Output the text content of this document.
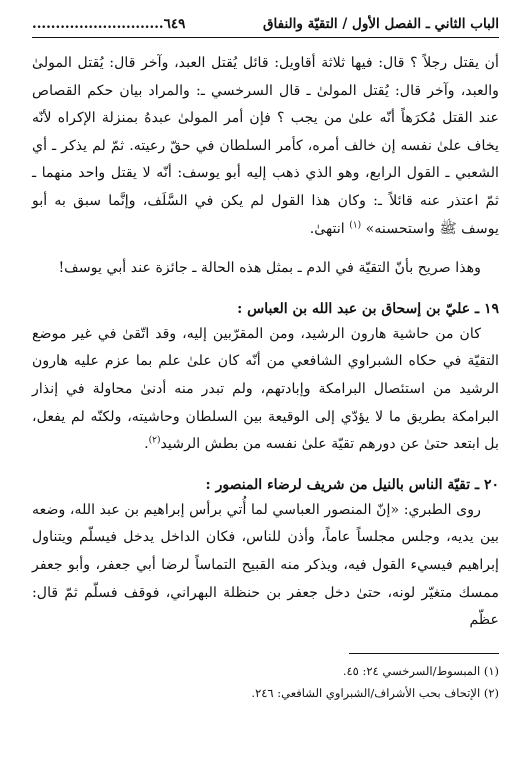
الباب الثاني ـ الفصل الأول / التقيّة والنفاق
............................٦٤٩

أن يقتل رجلاً ؟ قال: فيها ثلاثة أقاويل: قائل يُقتل العبد، وآخر قال: يُقتل المولىٰ والعبد، وآخر قال: يُقتل المولىٰ ـ قال السرخسي ـ: والمراد بيان حكم القصاص عند القتل مُكرَهاً أنّه علىٰ من يجب ؟ فإن أمر المولىٰ عبدهُ بمنزلة الإكراه لأنّه يخاف علىٰ نفسه إن خالف أمره، كأمر السلطان في حقّ رعيته. ثمّ لم يذكر ـ أي الشعبي ـ القول الرابع، وهو الذي ذهب إليه أبو يوسف: أنّه لا يقتل واحد منهما ـ ثمّ اعتذر عنه قائلاً ـ: وكان هذا القول لم يكن في السَّلَف، وإنَّما سبق به أبو يوسف ﷺ واستحسنه» $^{(١)}$ انتهىٰ.

وهذا صريح بأنّ التقيّة في الدم ـ بمثل هذه الحالة ـ جائزة عند أبي يوسف!

١٩ ـ عليّ بن إسحاق بن عبد الله بن العباس :

كان من حاشية هارون الرشيد، ومن المقرّبين إليه، وقد اتّقىٰ في غير موضع التقيّة في حكاه الشبراوي الشافعي من أنّه كان علىٰ علم بما عزم عليه هارون الرشيد من استئصال البرامكة وإبادتهم، ولم تبدر منه أدنىٰ محاولة في إنذار البرامكة بطريق ما لا يؤدّي إلى الوقيعة بين السلطان وحاشيته، ولكنّه لم يفعل، بل ابتعد حتىٰ عن دورهم تقيّة علىٰ نفسه من بطش الرشيد$^{(٢)}$.

٢٠ ـ تقيّة الناس بالنيل من شريف لرضاء المنصور :

روى الطبري: «إنّ المنصور العباسي لما أُتي برأس إبراهيم بن عبد الله، وضعه بين يديه، وجلس مجلساً عاماً، وأذن للناس، فكان الداخل يدخل فيسلّم ويتناول إبراهيم فيسيء القول فيه، ويذكر منه القبيح التماساً لرضا أبي جعفر، وأبو جعفر ممسك متغيّر لونه، حتىٰ دخل جعفر بن حنظلة البهراني، فوقف فسلّم ثمّ قال: عظّم

(١) المبسوط/السرخسي ٢٤: ٤٥.
(٢) الإتحاف بحب الأشراف/الشبراوي الشافعي: ٢٤٦.
